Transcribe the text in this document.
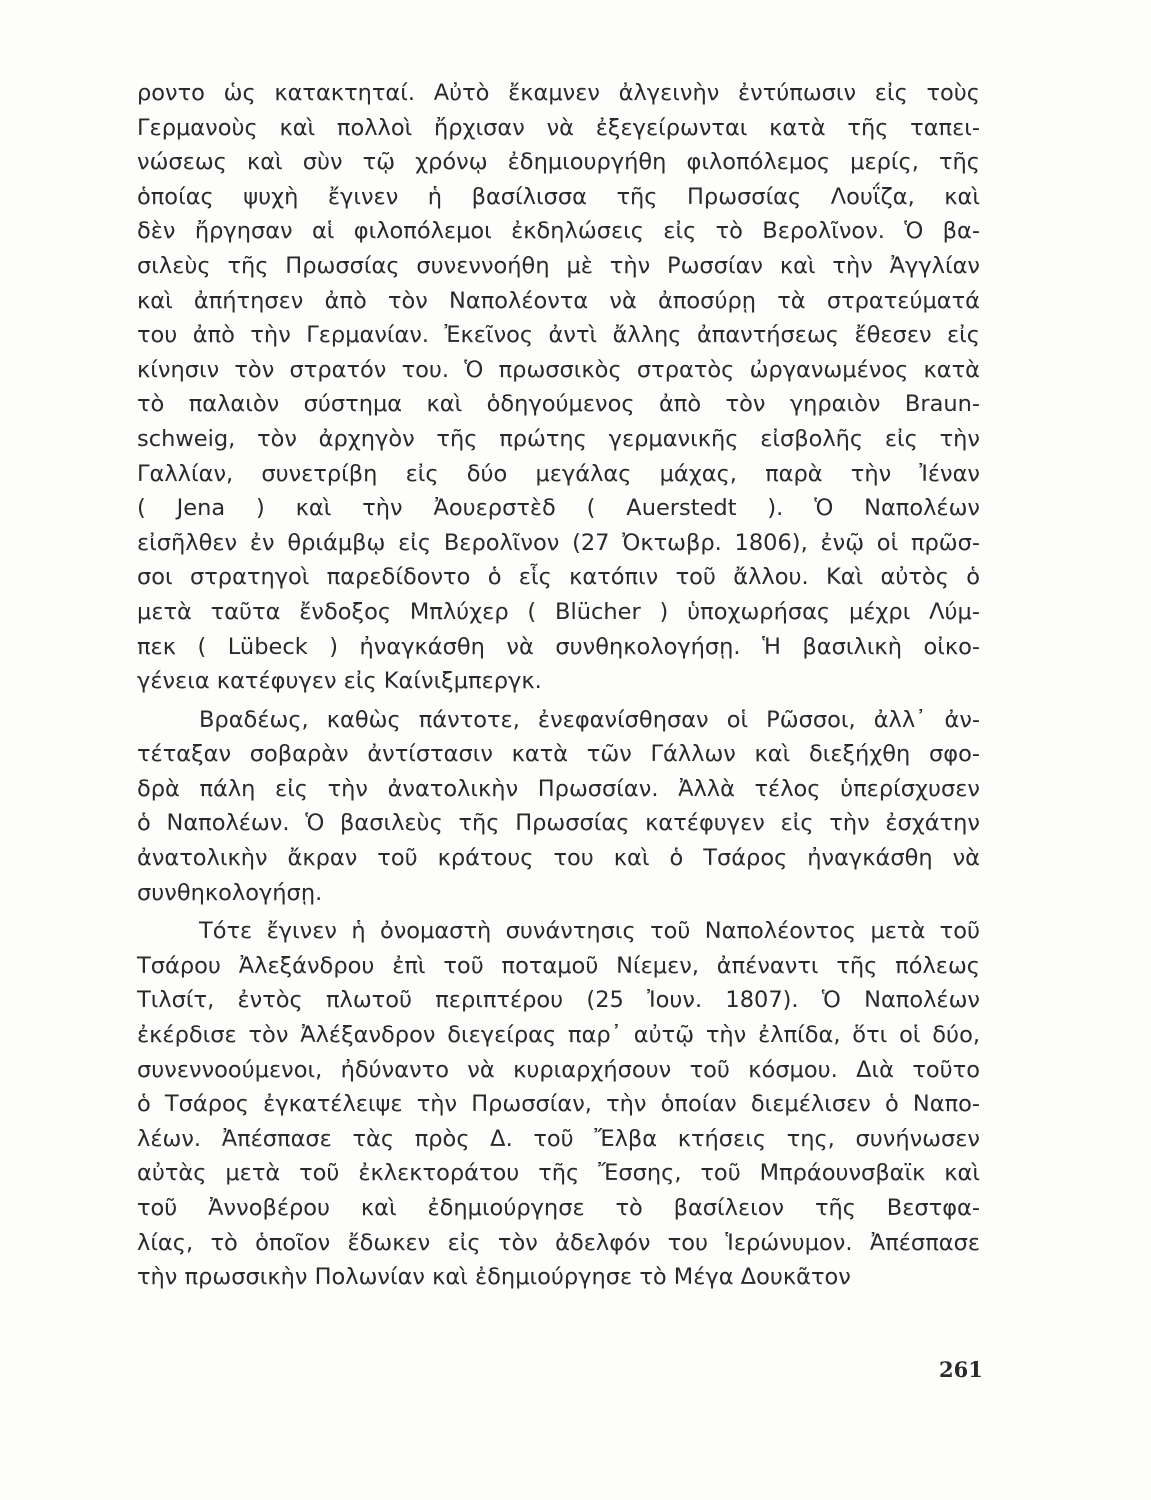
ροντο ὡς κατακτηταί. Αὐτὸ ἔκαμνεν ἀλγεινὴν ἐντύπωσιν εἰς τοὺς
Γερμανοὺς καὶ πολλοὶ ἤρχισαν νὰ ἐξεγείρωνται κατὰ τῆς ταπει-
νώσεως καὶ σὺν τῷ χρόνῳ ἐδημιουργήθη φιλοπόλεμος μερίς, τῆς
ὁποίας ψυχὴ ἔγινεν ἡ βασίλισσα τῆς Πρωσσίας Λουΐζα, καὶ
δὲν ἤργησαν αἱ φιλοπόλεμοι ἐκδηλώσεις εἰς τὸ Βερολῖνον. Ὁ βα-
σιλεὺς τῆς Πρωσσίας συνεννοήθη μὲ τὴν Ρωσσίαν καὶ τὴν Ἀγγλίαν
καὶ ἀπήτησεν ἀπὸ τὸν Ναπολέοντα νὰ ἀποσύρῃ τὰ στρατεύματά
του ἀπὸ τὴν Γερμανίαν. Ἐκεῖνος ἀντὶ ἄλλης ἀπαντήσεως ἔθεσεν εἰς
κίνησιν τὸν στρατόν του. Ὁ πρωσσικὸς στρατὸς ὠργανωμένος κατὰ
τὸ παλαιὸν σύστημα καὶ ὁδηγούμενος ἀπὸ τὸν γηραιὸν Braun-
schweig, τὸν ἀρχηγὸν τῆς πρώτης γερμανικῆς εἰσβολῆς εἰς τὴν
Γαλλίαν, συνετρίβη εἰς δύο μεγάλας μάχας, παρὰ τὴν Ἰέναν
( Jena ) καὶ τὴν Ἀουερστὲδ ( Auerstedt ). Ὁ Ναπολέων
εἰσῆλθεν ἐν θριάμβῳ εἰς Βερολῖνον (27 Ὀκτωβρ. 1806), ἐνῷ οἱ πρῶσ-
σοι στρατηγοὶ παρεδίδοντο ὁ εἷς κατόπιν τοῦ ἄλλου. Καὶ αὐτὸς ὁ
μετὰ ταῦτα ἔνδοξος Μπλύχερ ( Blücher ) ὑποχωρήσας μέχρι Λύμ-
πεκ ( Lübeck ) ἠναγκάσθη νὰ συνθηκολογήσῃ. Ἡ βασιλικὴ οἰκο-
γένεια κατέφυγεν εἰς Καίνιξμπεργκ.
Βραδέως, καθὼς πάντοτε, ἐνεφανίσθησαν οἱ Ρῶσσοι, ἀλλ᾽ ἀν-
τέταξαν σοβαρὰν ἀντίστασιν κατὰ τῶν Γάλλων καὶ διεξήχθη σφο-
δρὰ πάλη εἰς τὴν ἀνατολικὴν Πρωσσίαν. Ἀλλὰ τέλος ὑπερίσχυσεν
ὁ Ναπολέων. Ὁ βασιλεὺς τῆς Πρωσσίας κατέφυγεν εἰς τὴν ἐσχάτην
ἀνατολικὴν ἄκραν τοῦ κράτους του καὶ ὁ Τσάρος ἠναγκάσθη νὰ
συνθηκολογήσῃ.
Τότε ἔγινεν ἡ ὀνομαστὴ συνάντησις τοῦ Ναπολέοντος μετὰ τοῦ
Τσάρου Ἀλεξάνδρου ἐπὶ τοῦ ποταμοῦ Νίεμεν, ἀπέναντι τῆς πόλεως
Τιλσίτ, ἐντὸς πλωτοῦ περιπτέρου (25 Ἰουν. 1807). Ὁ Ναπολέων
ἐκέρδισε τὸν Ἀλέξανδρον διεγείρας παρ᾽ αὐτῷ τὴν ἐλπίδα, ὅτι οἱ δύο,
συνεννοούμενοι, ἠδύναντο νὰ κυριαρχήσουν τοῦ κόσμου. Διὰ τοῦτο
ὁ Τσάρος ἐγκατέλειψε τὴν Πρωσσίαν, τὴν ὁποίαν διεμέλισεν ὁ Ναπο-
λέων. Ἀπέσπασε τὰς πρὸς Δ. τοῦ Ἔλβα κτήσεις της, συνήνωσεν
αὐτὰς μετὰ τοῦ ἐκλεκτοράτου τῆς Ἔσσης, τοῦ Μπράουνσβαϊκ καὶ
τοῦ Ἀννοβέρου καὶ ἐδημιούργησε τὸ βασίλειον τῆς Βεστφα-
λίας, τὸ ὁποῖον ἔδωκεν εἰς τὸν ἀδελφόν του Ἱερώνυμον. Ἀπέσπασε
τὴν πρωσσικὴν Πολωνίαν καὶ ἐδημιούργησε τὸ Μέγα Δουκᾶτον
261
